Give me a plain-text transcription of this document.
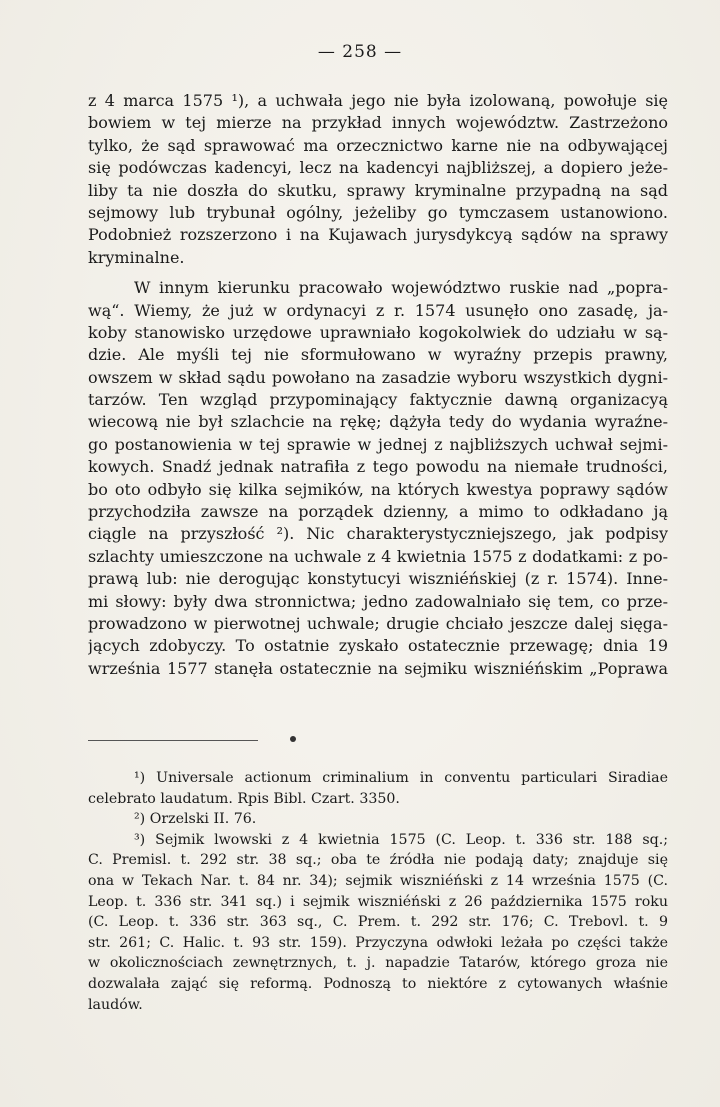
— 258 —
z 4 marca 1575 ¹), a uchwała jego nie była izolowaną, powołuje się
bowiem w tej mierze na przykład innych województw. Zastrzeżono
tylko, że sąd sprawować ma orzecznictwo karne nie na odbywającej
się podówczas kadencyi, lecz na kadencyi najbliższej, a dopiero jeże-
liby ta nie doszła do skutku, sprawy kryminalne przypadną na sąd
sejmowy lub trybunał ogólny, jeżeliby go tymczasem ustanowiono.
Podobnież rozszerzono i na Kujawach jurysdykcyą sądów na sprawy
kryminalne.
W innym kierunku pracowało województwo ruskie nad „popra-
wą“. Wiemy, że już w ordynacyi z r. 1574 usunęło ono zasadę, ja-
koby stanowisko urzędowe uprawniało kogokolwiek do udziału w są-
dzie. Ale myśli tej nie sformułowano w wyraźny przepis prawny,
owszem w skład sądu powołano na zasadzie wyboru wszystkich dygni-
tarzów. Ten wzgląd przypominający faktycznie dawną organizacyą
wiecową nie był szlachcie na rękę; dążyła tedy do wydania wyraźne-
go postanowienia w tej sprawie w jednej z najbliższych uchwał sejmi-
kowych. Snadź jednak natrafiła z tego powodu na niemałe trudności,
bo oto odbyło się kilka sejmików, na których kwestya poprawy sądów
przychodziła zawsze na porządek dzienny, a mimo to odkładano ją
ciągle na przyszłość ²). Nic charakterystyczniejszego, jak podpisy
szlachty umieszczone na uchwale z 4 kwietnia 1575 z dodatkami: z po-
prawą lub: nie derogując konstytucyi wiszniéńskiej (z r. 1574). Inne-
mi słowy: były dwa stronnictwa; jedno zadowalniało się tem, co prze-
prowadzono w pierwotnej uchwale; drugie chciało jeszcze dalej sięga-
jących zdobyczy. To ostatnie zyskało ostatecznie przewagę; dnia 19
września 1577 stanęła ostatecznie na sejmiku wiszniéńskim „Poprawa
¹) Universale actionum criminalium in conventu particulari Siradiae
celebrato laudatum. Rpis Bibl. Czart. 3350.
²) Orzelski II. 76.
³) Sejmik lwowski z 4 kwietnia 1575 (C. Leop. t. 336 str. 188 sq.;
C. Premisl. t. 292 str. 38 sq.; oba te źródła nie podają daty; znajduje się
ona w Tekach Nar. t. 84 nr. 34); sejmik wiszniéński z 14 września 1575 (C.
Leop. t. 336 str. 341 sq.) i sejmik wiszniéński z 26 października 1575 roku
(C. Leop. t. 336 str. 363 sq., C. Prem. t. 292 str. 176; C. Trebovl. t. 9
str. 261; C. Halic. t. 93 str. 159). Przyczyna odwłoki leżała po części także
w okolicznościach zewnętrznych, t. j. napadzie Tatarów, którego groza nie
dozwalała zająć się reformą. Podnoszą to niektóre z cytowanych właśnie
laudów.
